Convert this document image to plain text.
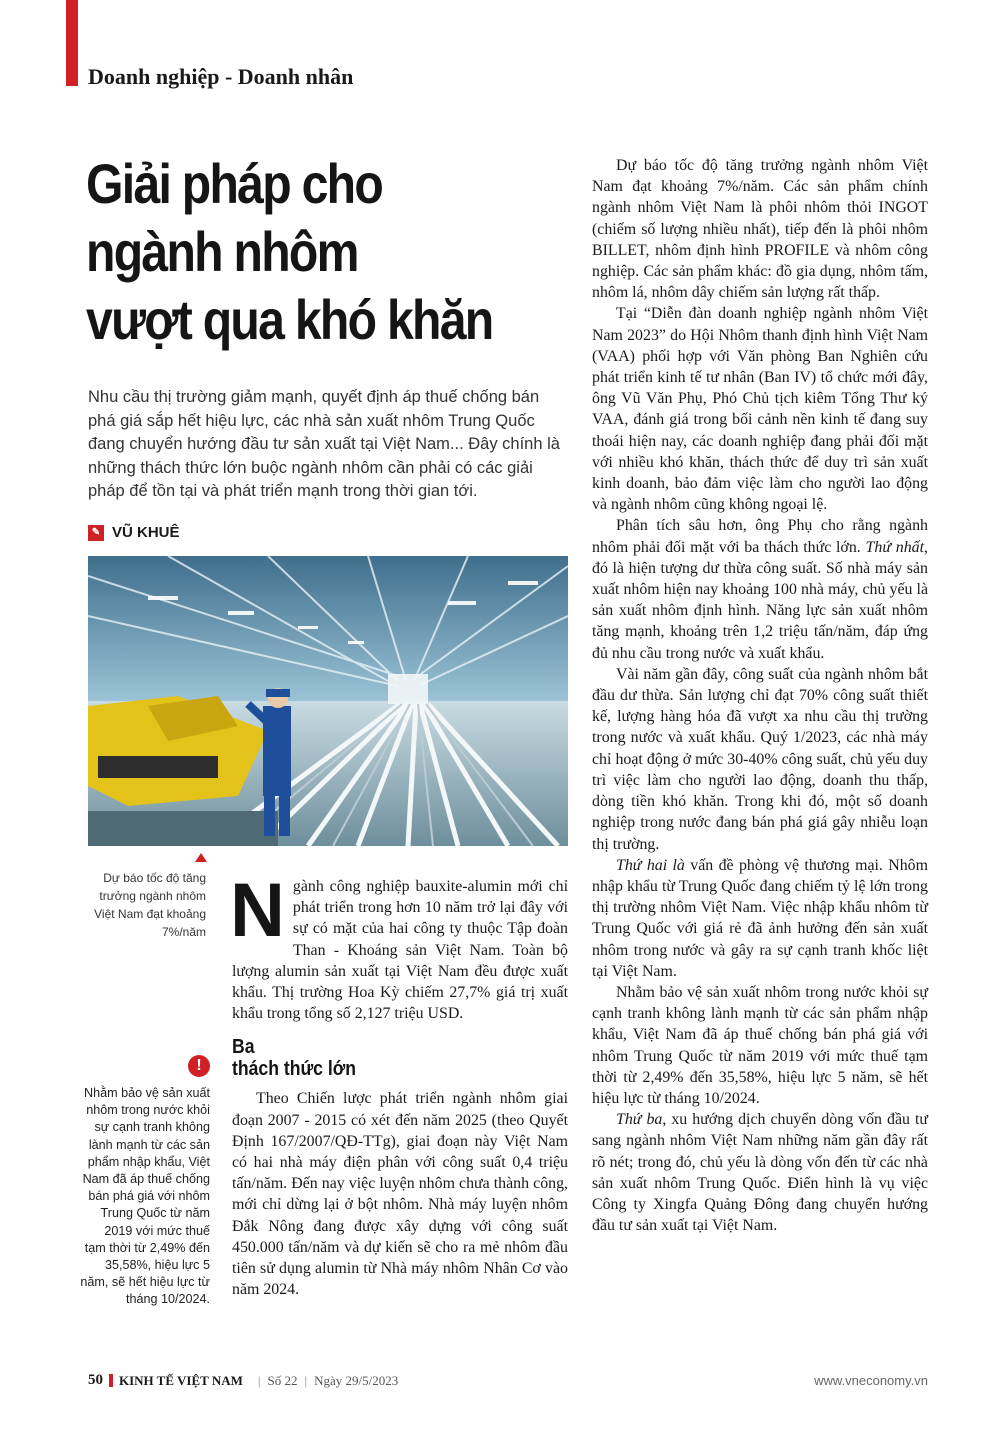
Doanh nghiệp - Doanh nhân
Giải pháp cho
ngành nhôm
vượt qua khó khăn

Nhu cầu thị trường giảm mạnh, quyết định áp thuế chống bán phá giá sắp hết hiệu lực, các nhà sản xuất nhôm Trung Quốc đang chuyển hướng đầu tư sản xuất tại Việt Nam... Đây chính là những thách thức lớn buộc ngành nhôm cần phải có các giải pháp để tồn tại và phát triển mạnh trong thời gian tới.

✎ VŨ KHUÊ
Dự báo tốc độ tăng trưởng ngành nhôm Việt Nam đạt khoảng 7%/năm
!
Nhằm bảo vệ sản xuất nhôm trong nước khỏi sự cạnh tranh không lành mạnh từ các sản phẩm nhập khẩu, Việt Nam đã áp thuế chống bán phá giá với nhôm Trung Quốc từ năm 2019 với mức thuế tạm thời từ 2,49% đến 35,58%, hiệu lực 5 năm, sẽ hết hiệu lực từ tháng 10/2024.

Ngành công nghiệp bauxite-alumin mới chỉ phát triển trong hơn 10 năm trở lại đây với sự có mặt của hai công ty thuộc Tập đoàn Than - Khoáng sản Việt Nam. Toàn bộ lượng alumin sản xuất tại Việt Nam đều được xuất khẩu. Thị trường Hoa Kỳ chiếm 27,7% giá trị xuất khẩu trong tổng số 2,127 triệu USD.

Ba
thách thức lớn

Theo Chiến lược phát triển ngành nhôm giai đoạn 2007 - 2015 có xét đến năm 2025 (theo Quyết Định 167/2007/QĐ-TTg), giai đoạn này Việt Nam có hai nhà máy điện phân với công suất 0,4 triệu tấn/năm. Đến nay việc luyện nhôm chưa thành công, mới chỉ dừng lại ở bột nhôm. Nhà máy luyện nhôm Đắk Nông đang được xây dựng với công suất 450.000 tấn/năm và dự kiến sẽ cho ra mẻ nhôm đầu tiên sử dụng alumin từ Nhà máy nhôm Nhân Cơ vào năm 2024.

Dự báo tốc độ tăng trưởng ngành nhôm Việt Nam đạt khoảng 7%/năm. Các sản phẩm chính ngành nhôm Việt Nam là phôi nhôm thỏi INGOT (chiếm số lượng nhiều nhất), tiếp đến là phôi nhôm BILLET, nhôm định hình PROFILE và nhôm công nghiệp. Các sản phẩm khác: đồ gia dụng, nhôm tấm, nhôm lá, nhôm dây chiếm sản lượng rất thấp.

Tại “Diễn đàn doanh nghiệp ngành nhôm Việt Nam 2023” do Hội Nhôm thanh định hình Việt Nam (VAA) phối hợp với Văn phòng Ban Nghiên cứu phát triển kinh tế tư nhân (Ban IV) tổ chức mới đây, ông Vũ Văn Phụ, Phó Chủ tịch kiêm Tổng Thư ký VAA, đánh giá trong bối cảnh nền kinh tế đang suy thoái hiện nay, các doanh nghiệp đang phải đối mặt với nhiều khó khăn, thách thức để duy trì sản xuất kinh doanh, bảo đảm việc làm cho người lao động và ngành nhôm cũng không ngoại lệ.

Phân tích sâu hơn, ông Phụ cho rằng ngành nhôm phải đối mặt với ba thách thức lớn. Thứ nhất, đó là hiện tượng dư thừa công suất. Số nhà máy sản xuất nhôm hiện nay khoảng 100 nhà máy, chủ yếu là sản xuất nhôm định hình. Năng lực sản xuất nhôm tăng mạnh, khoảng trên 1,2 triệu tấn/năm, đáp ứng đủ nhu cầu trong nước và xuất khẩu.

Vài năm gần đây, công suất của ngành nhôm bắt đầu dư thừa. Sản lượng chỉ đạt 70% công suất thiết kế, lượng hàng hóa đã vượt xa nhu cầu thị trường trong nước và xuất khẩu. Quý 1/2023, các nhà máy chỉ hoạt động ở mức 30-40% công suất, chủ yếu duy trì việc làm cho người lao động, doanh thu thấp, dòng tiền khó khăn. Trong khi đó, một số doanh nghiệp trong nước đang bán phá giá gây nhiễu loạn thị trường.

Thứ hai là vấn đề phòng vệ thương mại. Nhôm nhập khẩu từ Trung Quốc đang chiếm tỷ lệ lớn trong thị trường nhôm Việt Nam. Việc nhập khẩu nhôm từ Trung Quốc với giá rẻ đã ảnh hưởng đến sản xuất nhôm trong nước và gây ra sự cạnh tranh khốc liệt tại Việt Nam.

Nhằm bảo vệ sản xuất nhôm trong nước khỏi sự cạnh tranh không lành mạnh từ các sản phẩm nhập khẩu, Việt Nam đã áp thuế chống bán phá giá với nhôm Trung Quốc từ năm 2019 với mức thuế tạm thời từ 2,49% đến 35,58%, hiệu lực 5 năm, sẽ hết hiệu lực từ tháng 10/2024.

Thứ ba, xu hướng dịch chuyển dòng vốn đầu tư sang ngành nhôm Việt Nam những năm gần đây rất rõ nét; trong đó, chủ yếu là dòng vốn đến từ các nhà sản xuất nhôm Trung Quốc. Điển hình là vụ việc Công ty Xingfa Quảng Đông đang chuyển hướng đầu tư sản xuất tại Việt Nam.

50 KINH TẾ VIỆT NAM | Số 22 | Ngày 29/5/2023	www.vneconomy.vn
